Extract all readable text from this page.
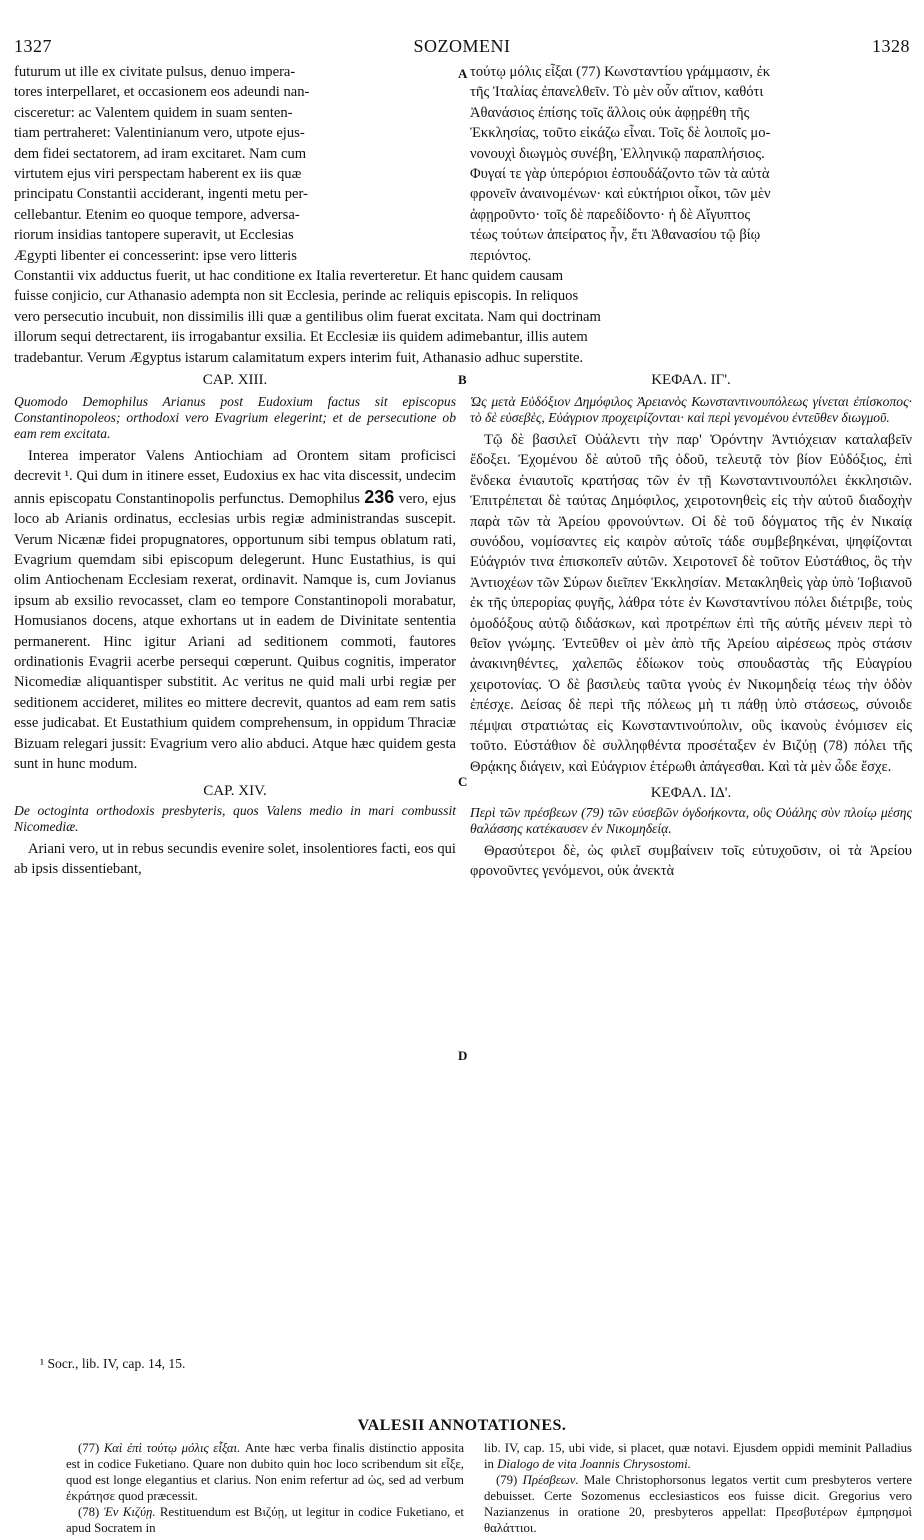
1327	SOZOMENI	1328

futurum ut ille ex civitate pulsus, denuo impera-

tores interpellaret, et occasionem eos adeundi nan-

cisceretur: ac Valentem quidem in suam senten-

tiam pertraheret: Valentinianum vero, utpote ejus-

dem fidei sectatorem, ad iram excitaret. Nam cum

virtutem ejus viri perspectam haberent ex iis quæ

principatu Constantii acciderant, ingenti metu per-

cellebantur. Etenim eo quoque tempore, adversa-

riorum insidias tantopere superavit, ut Ecclesias

Ægypti libenter ei concesserint: ipse vero litteris

A τούτῳ μόλις εἶξαι (77) Κωνσταντίου γράμμασιν, ἐκ

τῆς Ἰταλίας ἐπανελθεῖν. Τὸ μὲν οὖν αἴτιον, καθότι

Ἀθανάσιος ἐπίσης τοῖς ἄλλοις οὐκ ἀφῃρέθη τῆς

Ἐκκλησίας, τοῦτο εἰκάζω εἶναι. Τοῖς δὲ λοιποῖς μο-

νονουχὶ διωγμὸς συνέβη, Ἑλληνικῷ παραπλήσιος.

Φυγαί τε γὰρ ὑπερόριοι ἐσπουδάζοντο τῶν τὰ αὐτὰ

φρονεῖν ἀναινομένων· καὶ εὐκτήριοι οἶκοι, τῶν μὲν

ἀφῃροῦντο· τοῖς δὲ παρεδίδοντο· ἡ δὲ Αἴγυπτος

τέως τούτων ἀπείρατος ἦν, ἔτι Ἀθανασίου τῷ βίῳ

περιόντος.

Constantii vix adductus fuerit, ut hac conditione ex Italia reverteretur. Et hanc quidem causam

fuisse conjicio, cur Athanasio adempta non sit Ecclesia, perinde ac reliquis episcopis. In reliquos

vero persecutio incubuit, non dissimilis illi quæ a gentilibus olim fuerat excitata. Nam qui doctrinam

illorum sequi detrectarent, iis irrogabantur exsilia. Et Ecclesiæ iis quidem adimebantur, illis autem

tradebantur. Verum Ægyptus istarum calamitatum expers interim fuit, Athanasio adhuc superstite.

B
C
D

CAP. XIII.

Quomodo Demophilus Arianus post Eudoxium factus sit episcopus Constantinopoleos; orthodoxi vero Evagrium elegerint; et de persecutione ob eam rem excitata.

Interea imperator Valens Antiochiam ad Orontem sitam proficisci decrevit ¹. Qui dum in itinere esset, Eudoxius ex hac vita discessit, undecim annis episcopatu Constantinopolis perfunctus. Demophilus 236 vero, ejus loco ab Arianis ordinatus, ecclesias urbis regiæ administrandas suscepit. Verum Nicænæ fidei propugnatores, opportunum sibi tempus oblatum rati, Evagrium quemdam sibi episcopum delegerunt. Hunc Eustathius, is qui olim Antiochenam Ecclesiam rexerat, ordinavit. Namque is, cum Jovianus ipsum ab exsilio revocasset, clam eo tempore Constantinopoli morabatur, Homusianos docens, atque exhortans ut in eadem de Divinitate sententia permanerent. Hinc igitur Ariani ad seditionem commoti, fautores ordinationis Evagrii acerbe persequi cœperunt. Quibus cognitis, imperator Nicomediæ aliquantisper substitit. Ac veritus ne quid mali urbi regiæ per seditionem accideret, milites eo mittere decrevit, quantos ad eam rem satis esse judicabat. Et Eustathium quidem comprehensum, in oppidum Thraciæ Bizuam relegari jussit: Evagrium vero alio abduci. Atque hæc quidem gesta sunt in hunc modum.

CAP. XIV.

De octoginta orthodoxis presbyteris, quos Valens medio in mari combussit Nicomediæ.

Ariani vero, ut in rebus secundis evenire solet, insolentiores facti, eos qui ab ipsis dissentiebant,

ΚΕΦΑΛ. ΙΓ'.

Ὡς μετὰ Εὐδόξιον Δημόφιλος Ἀρειανὸς Κωνσταντινουπόλεως γίνεται ἐπίσκοπος· τὸ δὲ εὐσεβὲς, Εὐάγριον προχειρίζονται· καὶ περὶ γενομένου ἐντεῦθεν διωγμοῦ.

Τῷ δὲ βασιλεῖ Οὐάλεντι τὴν παρ' Ὀρόντην Ἀντιόχειαν καταλαβεῖν ἔδοξει. Ἐχομένου δὲ αὐτοῦ τῆς ὁδοῦ, τελευτᾷ τὸν βίον Εὐδόξιος, ἐπὶ ἕνδεκα ἐνιαυτοῖς κρατήσας τῶν ἐν τῇ Κωνσταντινουπόλει ἐκκλησιῶν. Ἐπιτρέπεται δὲ ταύτας Δημόφιλος, χειροτονηθεὶς εἰς τὴν αὐτοῦ διαδοχὴν παρὰ τῶν τὰ Ἀρείου φρονούντων. Οἱ δὲ τοῦ δόγματος τῆς ἐν Νικαίᾳ συνόδου, νομίσαντες εἰς καιρὸν αὐτοῖς τάδε συμβεβηκέναι, ψηφίζονται Εὐάγριόν τινα ἐπισκοπεῖν αὐτῶν. Χειροτονεῖ δὲ τοῦτον Εὐστάθιος, ὃς τὴν Ἀντιοχέων τῶν Σύρων διεῖπεν Ἐκκλησίαν. Μετακληθεὶς γὰρ ὑπὸ Ἰοβιανοῦ ἐκ τῆς ὑπερορίας φυγῆς, λάθρα τότε ἐν Κωνσταντίνου πόλει διέτριβε, τοὺς ὁμοδόξους αὐτῷ διδάσκων, καὶ προτρέπων ἐπὶ τῆς αὐτῆς μένειν περὶ τὸ θεῖον γνώμης. Ἐντεῦθεν οἱ μὲν ἀπὸ τῆς Ἀρείου αἱρέσεως πρὸς στάσιν ἀνακινηθέντες, χαλεπῶς ἐδίωκον τοὺς σπουδαστὰς τῆς Εὐαγρίου χειροτονίας. Ὁ δὲ βασιλεὺς ταῦτα γνοὺς ἐν Νικομηδείᾳ τέως τὴν ὁδὸν ἐπέσχε. Δείσας δὲ περὶ τῆς πόλεως μὴ τι πάθῃ ὑπὸ στάσεως, σύνοιδε πέμψαι στρατιώτας εἰς Κωνσταντινούπολιν, οὓς ἱκανοὺς ἐνόμισεν εἰς τοῦτο. Εὐστάθιον δὲ συλληφθέντα προσέταξεν ἐν Βιζύῃ (78) πόλει τῆς Θρᾴκης διάγειν, καὶ Εὐάγριον ἑτέρωθι ἀπάγεσθαι. Καὶ τὰ μὲν ὧδε ἔσχε.

ΚΕΦΑΛ. ΙΔ'.

Περὶ τῶν πρέσβεων (79) τῶν εὐσεβῶν ὀγδοήκοντα, οὓς Οὐάλης σὺν πλοίῳ μέσης θαλάσσης κατέκαυσεν ἐν Νικομηδείᾳ.

Θρασύτεροι δὲ, ὡς φιλεῖ συμβαίνειν τοῖς εὐτυχοῦσιν, οἱ τὰ Ἀρείου φρονοῦντες γενόμενοι, οὐκ ἀνεκτὰ

¹ Socr., lib. IV, cap. 14, 15.
VALESII ANNOTATIONES.

(77) Καὶ ἐπὶ τούτῳ μόλις εἶξαι. Ante hæc verba finalis distinctio apposita est in codice Fuketiano. Quare non dubito quin hoc loco scribendum sit εἶξε, quod est longe elegantius et clarius. Non enim refertur ad ὡς, sed ad verbum ἐκράτησε quod præcessit.

(78) Ἐν Κιζύῃ. Restituendum est Βιζύῃ, ut legitur in codice Fuketiano, et apud Socratem in

lib. IV, cap. 15, ubi vide, si placet, quæ notavi. Ejusdem oppidi meminit Palladius in Dialogo de vita Joannis Chrysostomi.

(79) Πρέσβεων. Male Christophorsonus legatos vertit cum presbyteros vertere debuisset. Certe Sozomenus ecclesiasticos eos fuisse dicit. Gregorius vero Nazianzenus in oratione 20, presbyteros appellat: Πρεσβυτέρων ἐμπρησμοὶ θαλάττιοι.
